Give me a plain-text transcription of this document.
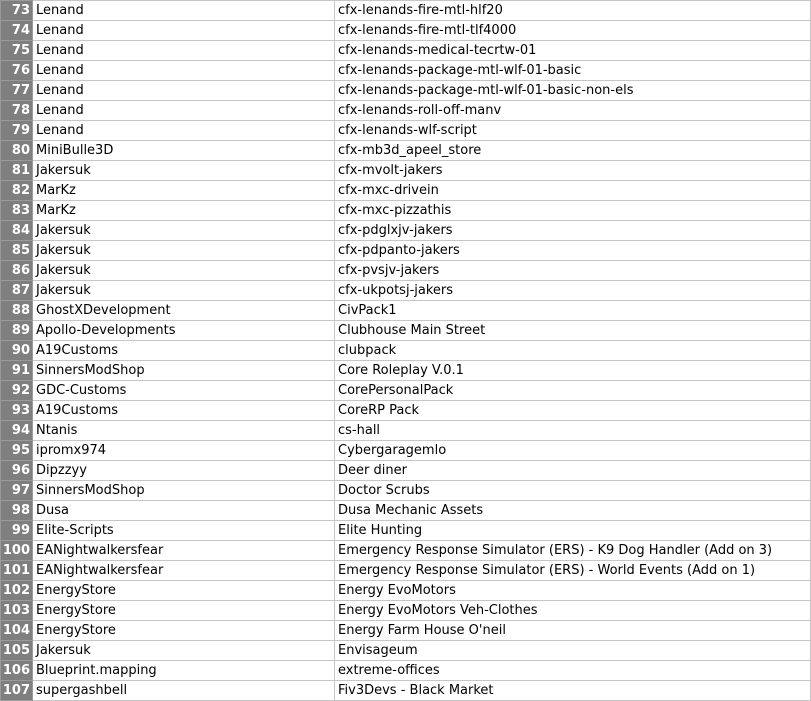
73	Lenand	cfx-lenands-fire-mtl-hlf20
74	Lenand	cfx-lenands-fire-mtl-tlf4000
75	Lenand	cfx-lenands-medical-tecrtw-01
76	Lenand	cfx-lenands-package-mtl-wlf-01-basic
77	Lenand	cfx-lenands-package-mtl-wlf-01-basic-non-els
78	Lenand	cfx-lenands-roll-off-manv
79	Lenand	cfx-lenands-wlf-script
80	MiniBulle3D	cfx-mb3d_apeel_store
81	Jakersuk	cfx-mvolt-jakers
82	MarKz	cfx-mxc-drivein
83	MarKz	cfx-mxc-pizzathis
84	Jakersuk	cfx-pdglxjv-jakers
85	Jakersuk	cfx-pdpanto-jakers
86	Jakersuk	cfx-pvsjv-jakers
87	Jakersuk	cfx-ukpotsj-jakers
88	GhostXDevelopment	CivPack1
89	Apollo-Developments	Clubhouse Main Street
90	A19Customs	clubpack
91	SinnersModShop	Core Roleplay V.0.1
92	GDC-Customs	CorePersonalPack
93	A19Customs	CoreRP Pack
94	Ntanis	cs-hall
95	ipromx974	Cybergaragemlo
96	Dipzzyy	Deer diner
97	SinnersModShop	Doctor Scrubs
98	Dusa	Dusa Mechanic Assets
99	Elite-Scripts	Elite Hunting
100	EANightwalkersfear	Emergency Response Simulator (ERS) - K9 Dog Handler (Add on 3)
101	EANightwalkersfear	Emergency Response Simulator (ERS) - World Events (Add on 1)
102	EnergyStore	Energy EvoMotors
103	EnergyStore	Energy EvoMotors Veh-Clothes
104	EnergyStore	Energy Farm House O'neil
105	Jakersuk	Envisageum
106	Blueprint.mapping	extreme-offices
107	supergashbell	Fiv3Devs - Black Market
